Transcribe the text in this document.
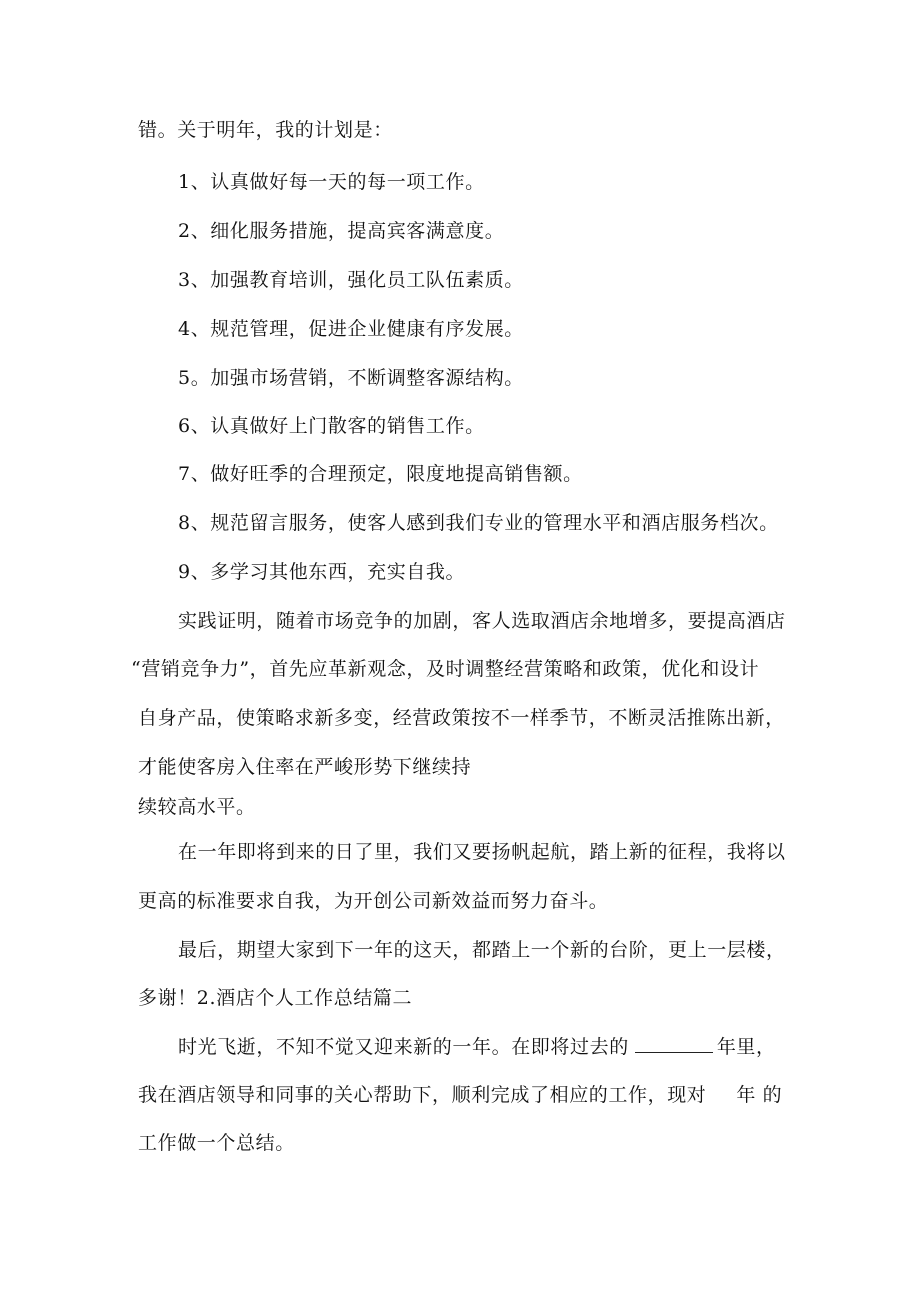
错。关于明年，我的计划是：
1、认真做好每一天的每一项工作。
2、细化服务措施，提高宾客满意度。
3、加强教育培训，强化员工队伍素质。
4、规范管理，促进企业健康有序发展。
5。加强市场营销，不断调整客源结构。
6、认真做好上门散客的销售工作。
7、做好旺季的合理预定，限度地提高销售额。
8、规范留言服务，使客人感到我们专业的管理水平和酒店服务档次。
9、多学习其他东西，充实自我。
实践证明，随着市场竞争的加剧，客人选取酒店余地增多，要提高酒店
“营销竞争力”，首先应革新观念，及时调整经营策略和政策，优化和设计
自身产品，使策略求新多变，经营政策按不一样季节，不断灵活推陈出新，
才能使客房入住率在严峻形势下继续持
续较高水平。
在一年即将到来的日了里，我们又要扬帆起航，踏上新的征程，我将以
更高的标准要求自我，为开创公司新效益而努力奋斗。
最后，期望大家到下一年的这天，都踏上一个新的台阶，更上一层楼，
多谢！2.酒店个人工作总结篇二
时光飞逝，不知不觉又迎来新的一年。在即将过去的	年里，
我在酒店领导和同事的关心帮助下，顺利完成了相应的工作，现对 年 的
工作做一个总结。
